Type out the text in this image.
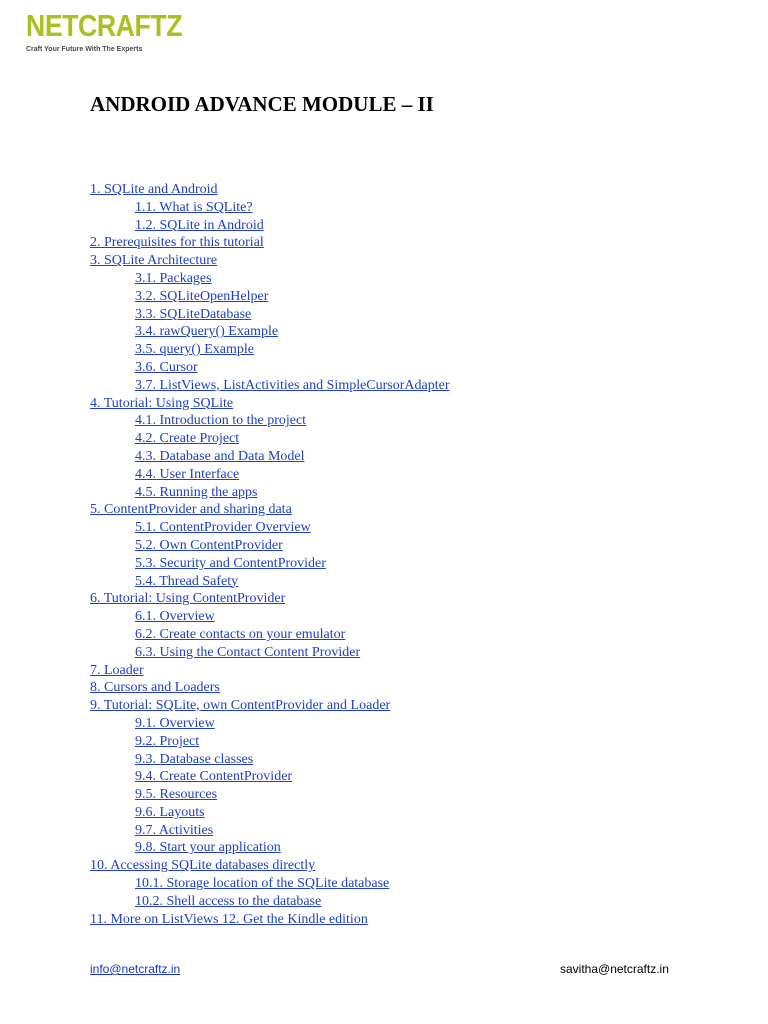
NETCRAFTZ
Craft Your Future With The Experts
ANDROID ADVANCE MODULE – II
1. SQLite and Android
1.1. What is SQLite?
1.2. SQLite in Android
2. Prerequisites for this tutorial
3. SQLite Architecture
3.1. Packages
3.2. SQLiteOpenHelper
3.3. SQLiteDatabase
3.4. rawQuery() Example
3.5. query() Example
3.6. Cursor
3.7. ListViews, ListActivities and SimpleCursorAdapter
4. Tutorial: Using SQLite
4.1. Introduction to the project
4.2. Create Project
4.3. Database and Data Model
4.4. User Interface
4.5. Running the apps
5. ContentProvider and sharing data
5.1. ContentProvider Overview
5.2. Own ContentProvider
5.3. Security and ContentProvider
5.4. Thread Safety
6. Tutorial: Using ContentProvider
6.1. Overview
6.2. Create contacts on your emulator
6.3. Using the Contact Content Provider
7. Loader
8. Cursors and Loaders
9. Tutorial: SQLite, own ContentProvider and Loader
9.1. Overview
9.2. Project
9.3. Database classes
9.4. Create ContentProvider
9.5. Resources
9.6. Layouts
9.7. Activities
9.8. Start your application
10. Accessing SQLite databases directly
10.1. Storage location of the SQLite database
10.2. Shell access to the database
11. More on ListViews 12. Get the Kindle edition
info@netcraftz.in	savitha@netcraftz.in
